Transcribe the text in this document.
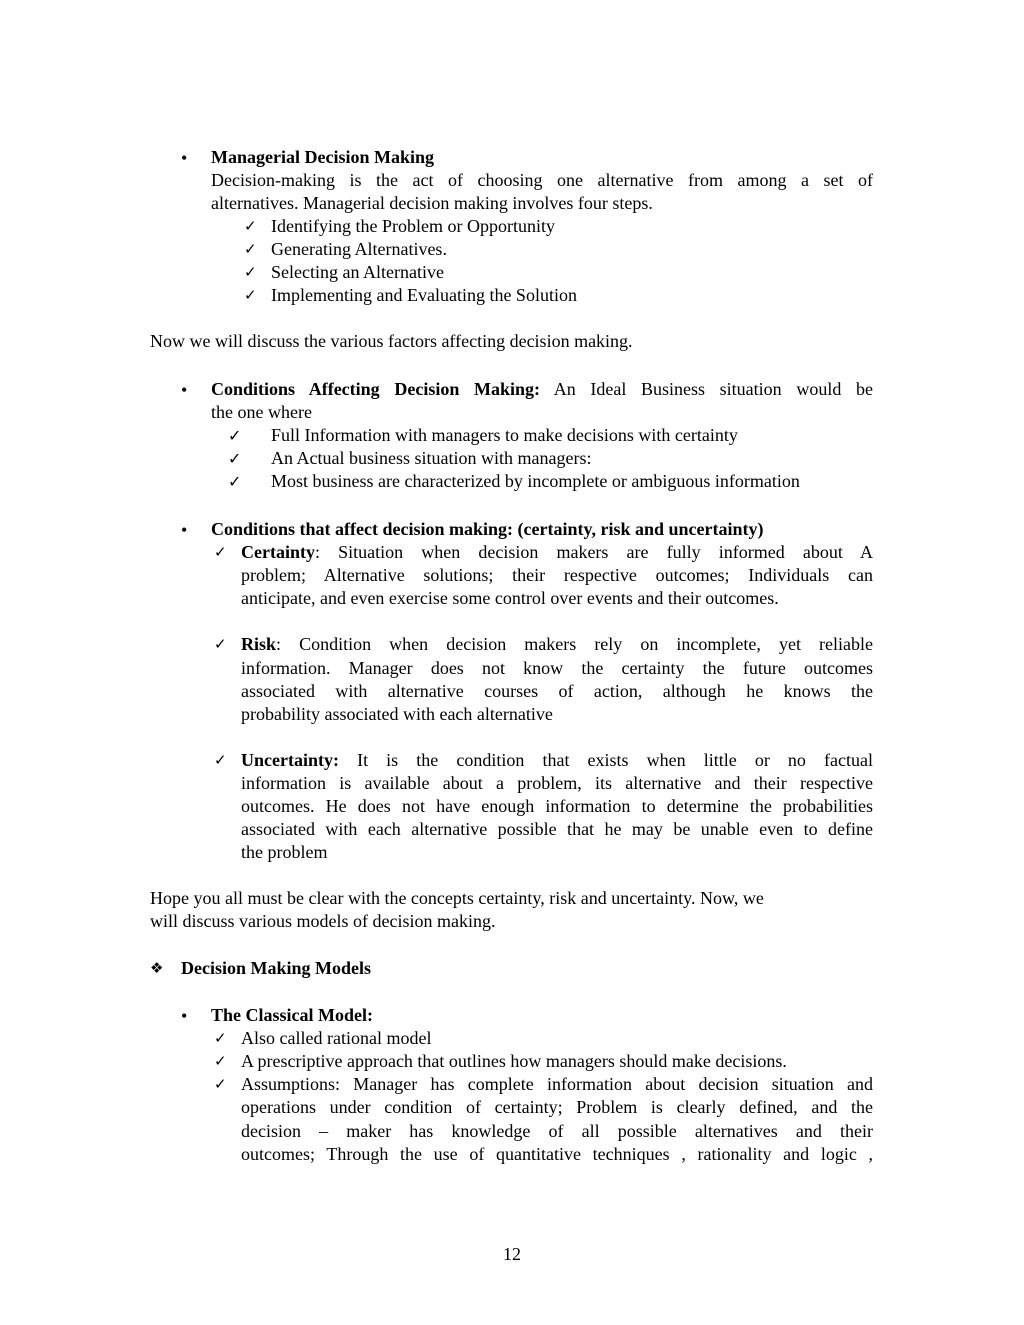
•	Managerial Decision Making
Decision-making is the act of choosing one alternative from among a set of
alternatives. Managerial decision making involves four steps.
✓ Identifying the Problem or Opportunity
✓ Generating Alternatives.
✓ Selecting an Alternative
✓ Implementing and Evaluating the Solution
Now we will discuss the various factors affecting decision making.
•	Conditions Affecting Decision Making: An Ideal Business situation would be
the one where
✓ Full Information with managers to make decisions with certainty
✓ An Actual business situation with managers:
✓ Most business are characterized by incomplete or ambiguous information
•	Conditions that affect decision making: (certainty, risk and uncertainty)
✓ Certainty: Situation when decision makers are fully informed about A
problem; Alternative solutions; their respective outcomes; Individuals can
anticipate, and even exercise some control over events and their outcomes.
✓ Risk: Condition when decision makers rely on incomplete, yet reliable
information. Manager does not know the certainty the future outcomes
associated with alternative courses of action, although he knows the
probability associated with each alternative
✓ Uncertainty: It is the condition that exists when little or no factual
information is available about a problem, its alternative and their respective
outcomes. He does not have enough information to determine the probabilities
associated with each alternative possible that he may be unable even to define
the problem
Hope you all must be clear with the concepts certainty, risk and uncertainty. Now, we
will discuss various models of decision making.
❖ Decision Making Models
•	The Classical Model:
✓ Also called rational model
✓ A prescriptive approach that outlines how managers should make decisions.
✓ Assumptions: Manager has complete information about decision situation and
operations under condition of certainty; Problem is clearly defined, and the
decision – maker has knowledge of all possible alternatives and their
outcomes; Through the use of quantitative techniques , rationality and logic ,
12
